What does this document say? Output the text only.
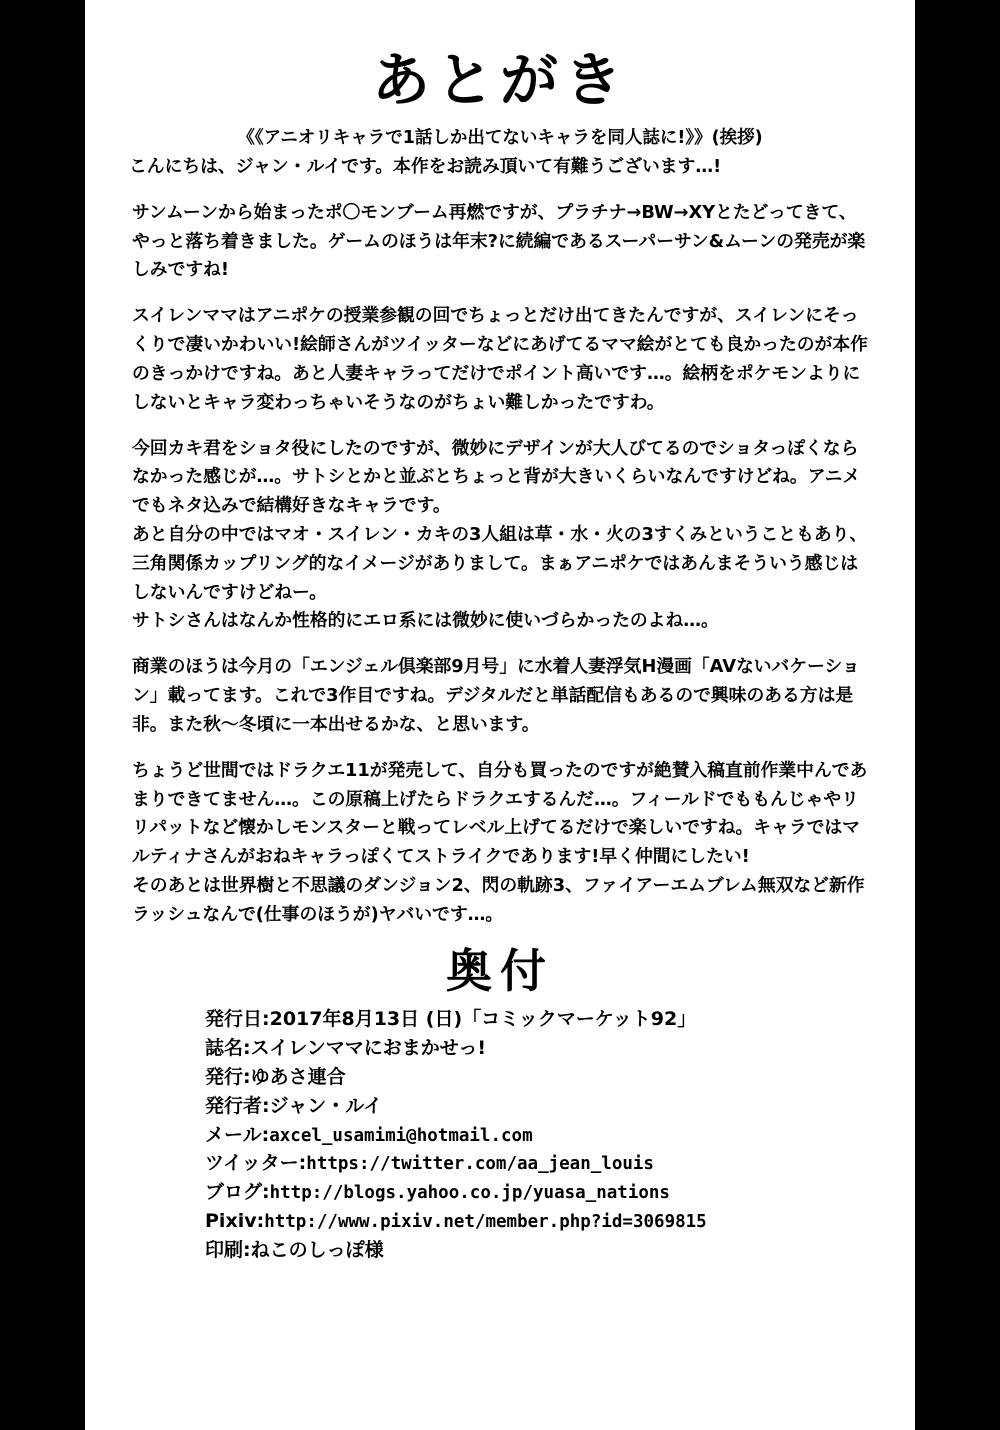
あとがき
《《アニオリキャラで1話しか出てないキャラを同人誌に!》》(挨拶)
こんにちは、ジャン・ルイです。本作をお読み頂いて有難うございます…!
サンムーンから始まったポ〇モンブーム再燃ですが、プラチナ→BW→XYとたどってきて、やっと落ち着きました。ゲームのほうは年末?に続編であるスーパーサン&ムーンの発売が楽しみですね!
スイレンママはアニポケの授業参観の回でちょっとだけ出てきたんですが、スイレンにそっくりで凄いかわいい!絵師さんがツイッターなどにあげてるママ絵がとても良かったのが本作のきっかけですね。あと人妻キャラってだけでポイント高いです…。絵柄をポケモンよりにしないとキャラ変わっちゃいそうなのがちょい難しかったですわ。
今回カキ君をショタ役にしたのですが、微妙にデザインが大人びてるのでショタっぽくならなかった感じが…。サトシとかと並ぶとちょっと背が大きいくらいなんですけどね。アニメでもネタ込みで結構好きなキャラです。
あと自分の中ではマオ・スイレン・カキの3人組は草・水・火の3すくみということもあり、三角関係カップリング的なイメージがありまして。まぁアニポケではあんまそういう感じはしないんですけどねー。
サトシさんはなんか性格的にエロ系には微妙に使いづらかったのよね…。
商業のほうは今月の「エンジェル倶楽部9月号」に水着人妻浮気H漫画「AVないバケーション」載ってます。これで3作目ですね。デジタルだと単話配信もあるので興味のある方は是非。また秋〜冬頃に一本出せるかな、と思います。
ちょうど世間ではドラクエ11が発売して、自分も買ったのですが絶賛入稿直前作業中んであまりできてません…。この原稿上げたらドラクエするんだ…。フィールドでももんじゃやリリパットなど懐かしモンスターと戦ってレベル上げてるだけで楽しいですね。キャラではマルティナさんがおねキャラっぽくてストライクであります!早く仲間にしたい!
そのあとは世界樹と不思議のダンジョン2、閃の軌跡3、ファイアーエムブレム無双など新作ラッシュなんで(仕事のほうが)ヤバいです…。
奥付
発行日:2017年8月13日 (日)「コミックマーケット92」
誌名:スイレンママにおまかせっ!
発行:ゆあさ連合
発行者:ジャン・ルイ
メール:axcel_usamimi@hotmail.com
ツイッター:https://twitter.com/aa_jean_louis
ブログ:http://blogs.yahoo.co.jp/yuasa_nations
Pixiv:http://www.pixiv.net/member.php?id=3069815
印刷:ねこのしっぽ様
